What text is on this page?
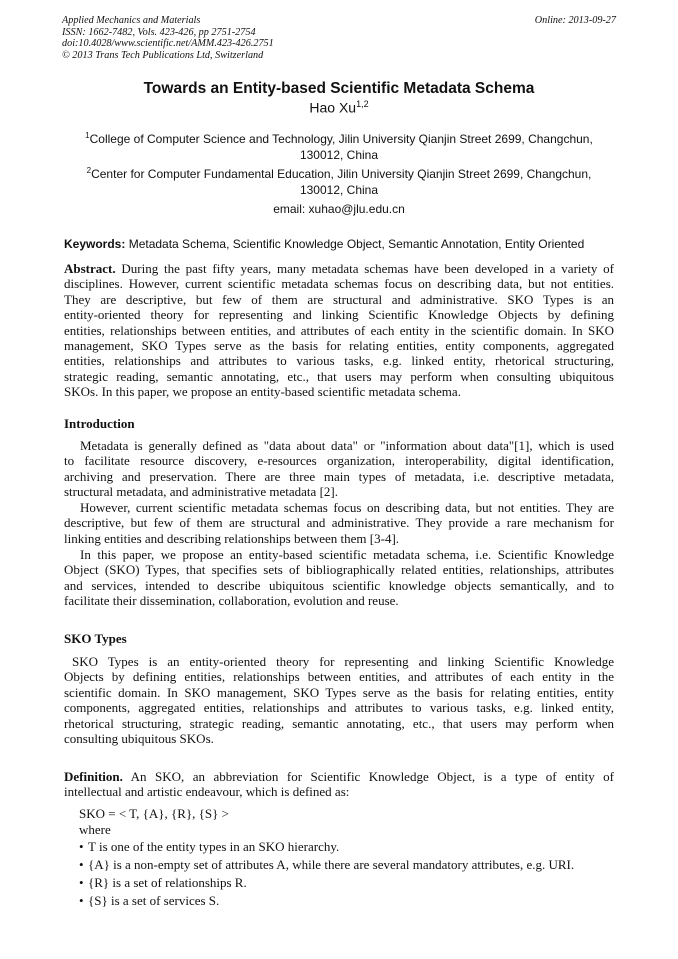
Applied Mechanics and Materials
ISSN: 1662-7482, Vols. 423-426, pp 2751-2754
doi:10.4028/www.scientific.net/AMM.423-426.2751
© 2013 Trans Tech Publications Ltd, Switzerland
Online: 2013-09-27
Towards an Entity-based Scientific Metadata Schema
Hao Xu$^{1,2}$
$^1$College of Computer Science and Technology, Jilin University Qianjin Street 2699, Changchun,
130012, China
$^2$Center for Computer Fundamental Education, Jilin University Qianjin Street 2699, Changchun,
130012, China
email: xuhao@jlu.edu.cn
Keywords: Metadata Schema, Scientific Knowledge Object, Semantic Annotation, Entity Oriented
Abstract. During the past fifty years, many metadata schemas have been developed in a variety of
disciplines. However, current scientific metadata schemas focus on describing data, but not entities.
They are descriptive, but few of them are structural and administrative. SKO Types is an
entity-oriented theory for representing and linking Scientific Knowledge Objects by defining
entities, relationships between entities, and attributes of each entity in the scientific domain. In SKO
management, SKO Types serve as the basis for relating entities, entity components, aggregated
entities, relationships and attributes to various tasks, e.g. linked entity, rhetorical structuring,
strategic reading, semantic annotating, etc., that users may perform when consulting ubiquitous
SKOs. In this paper, we propose an entity-based scientific metadata schema.
Introduction
Metadata is generally defined as "data about data" or "information about data"[1], which is used
to facilitate resource discovery, e-resources organization, interoperability, digital identification,
archiving and preservation. There are three main types of metadata, i.e. descriptive metadata,
structural metadata, and administrative metadata [2].
However, current scientific metadata schemas focus on describing data, but not entities. They are
descriptive, but few of them are structural and administrative. They provide a rare mechanism for
linking entities and describing relationships between them [3-4].
In this paper, we propose an entity-based scientific metadata schema, i.e. Scientific Knowledge
Object (SKO) Types, that specifies sets of bibliographically related entities, relationships, attributes
and services, intended to describe ubiquitous scientific knowledge objects semantically, and to
facilitate their dissemination, collaboration, evolution and reuse.
SKO Types
SKO Types is an entity-oriented theory for representing and linking Scientific Knowledge
Objects by defining entities, relationships between entities, and attributes of each entity in the
scientific domain. In SKO management, SKO Types serve as the basis for relating entities, entity
components, aggregated entities, relationships and attributes to various tasks, e.g. linked entity,
rhetorical structuring, strategic reading, semantic annotating, etc., that users may perform when
consulting ubiquitous SKOs.
Definition. An SKO, an abbreviation for Scientific Knowledge Object, is a type of entity of
intellectual and artistic endeavour, which is defined as:
SKO = < T, {A}, {R}, {S} >
where
• T is one of the entity types in an SKO hierarchy.
• {A} is a non-empty set of attributes A, while there are several mandatory attributes, e.g. URI.
• {R} is a set of relationships R.
• {S} is a set of services S.
